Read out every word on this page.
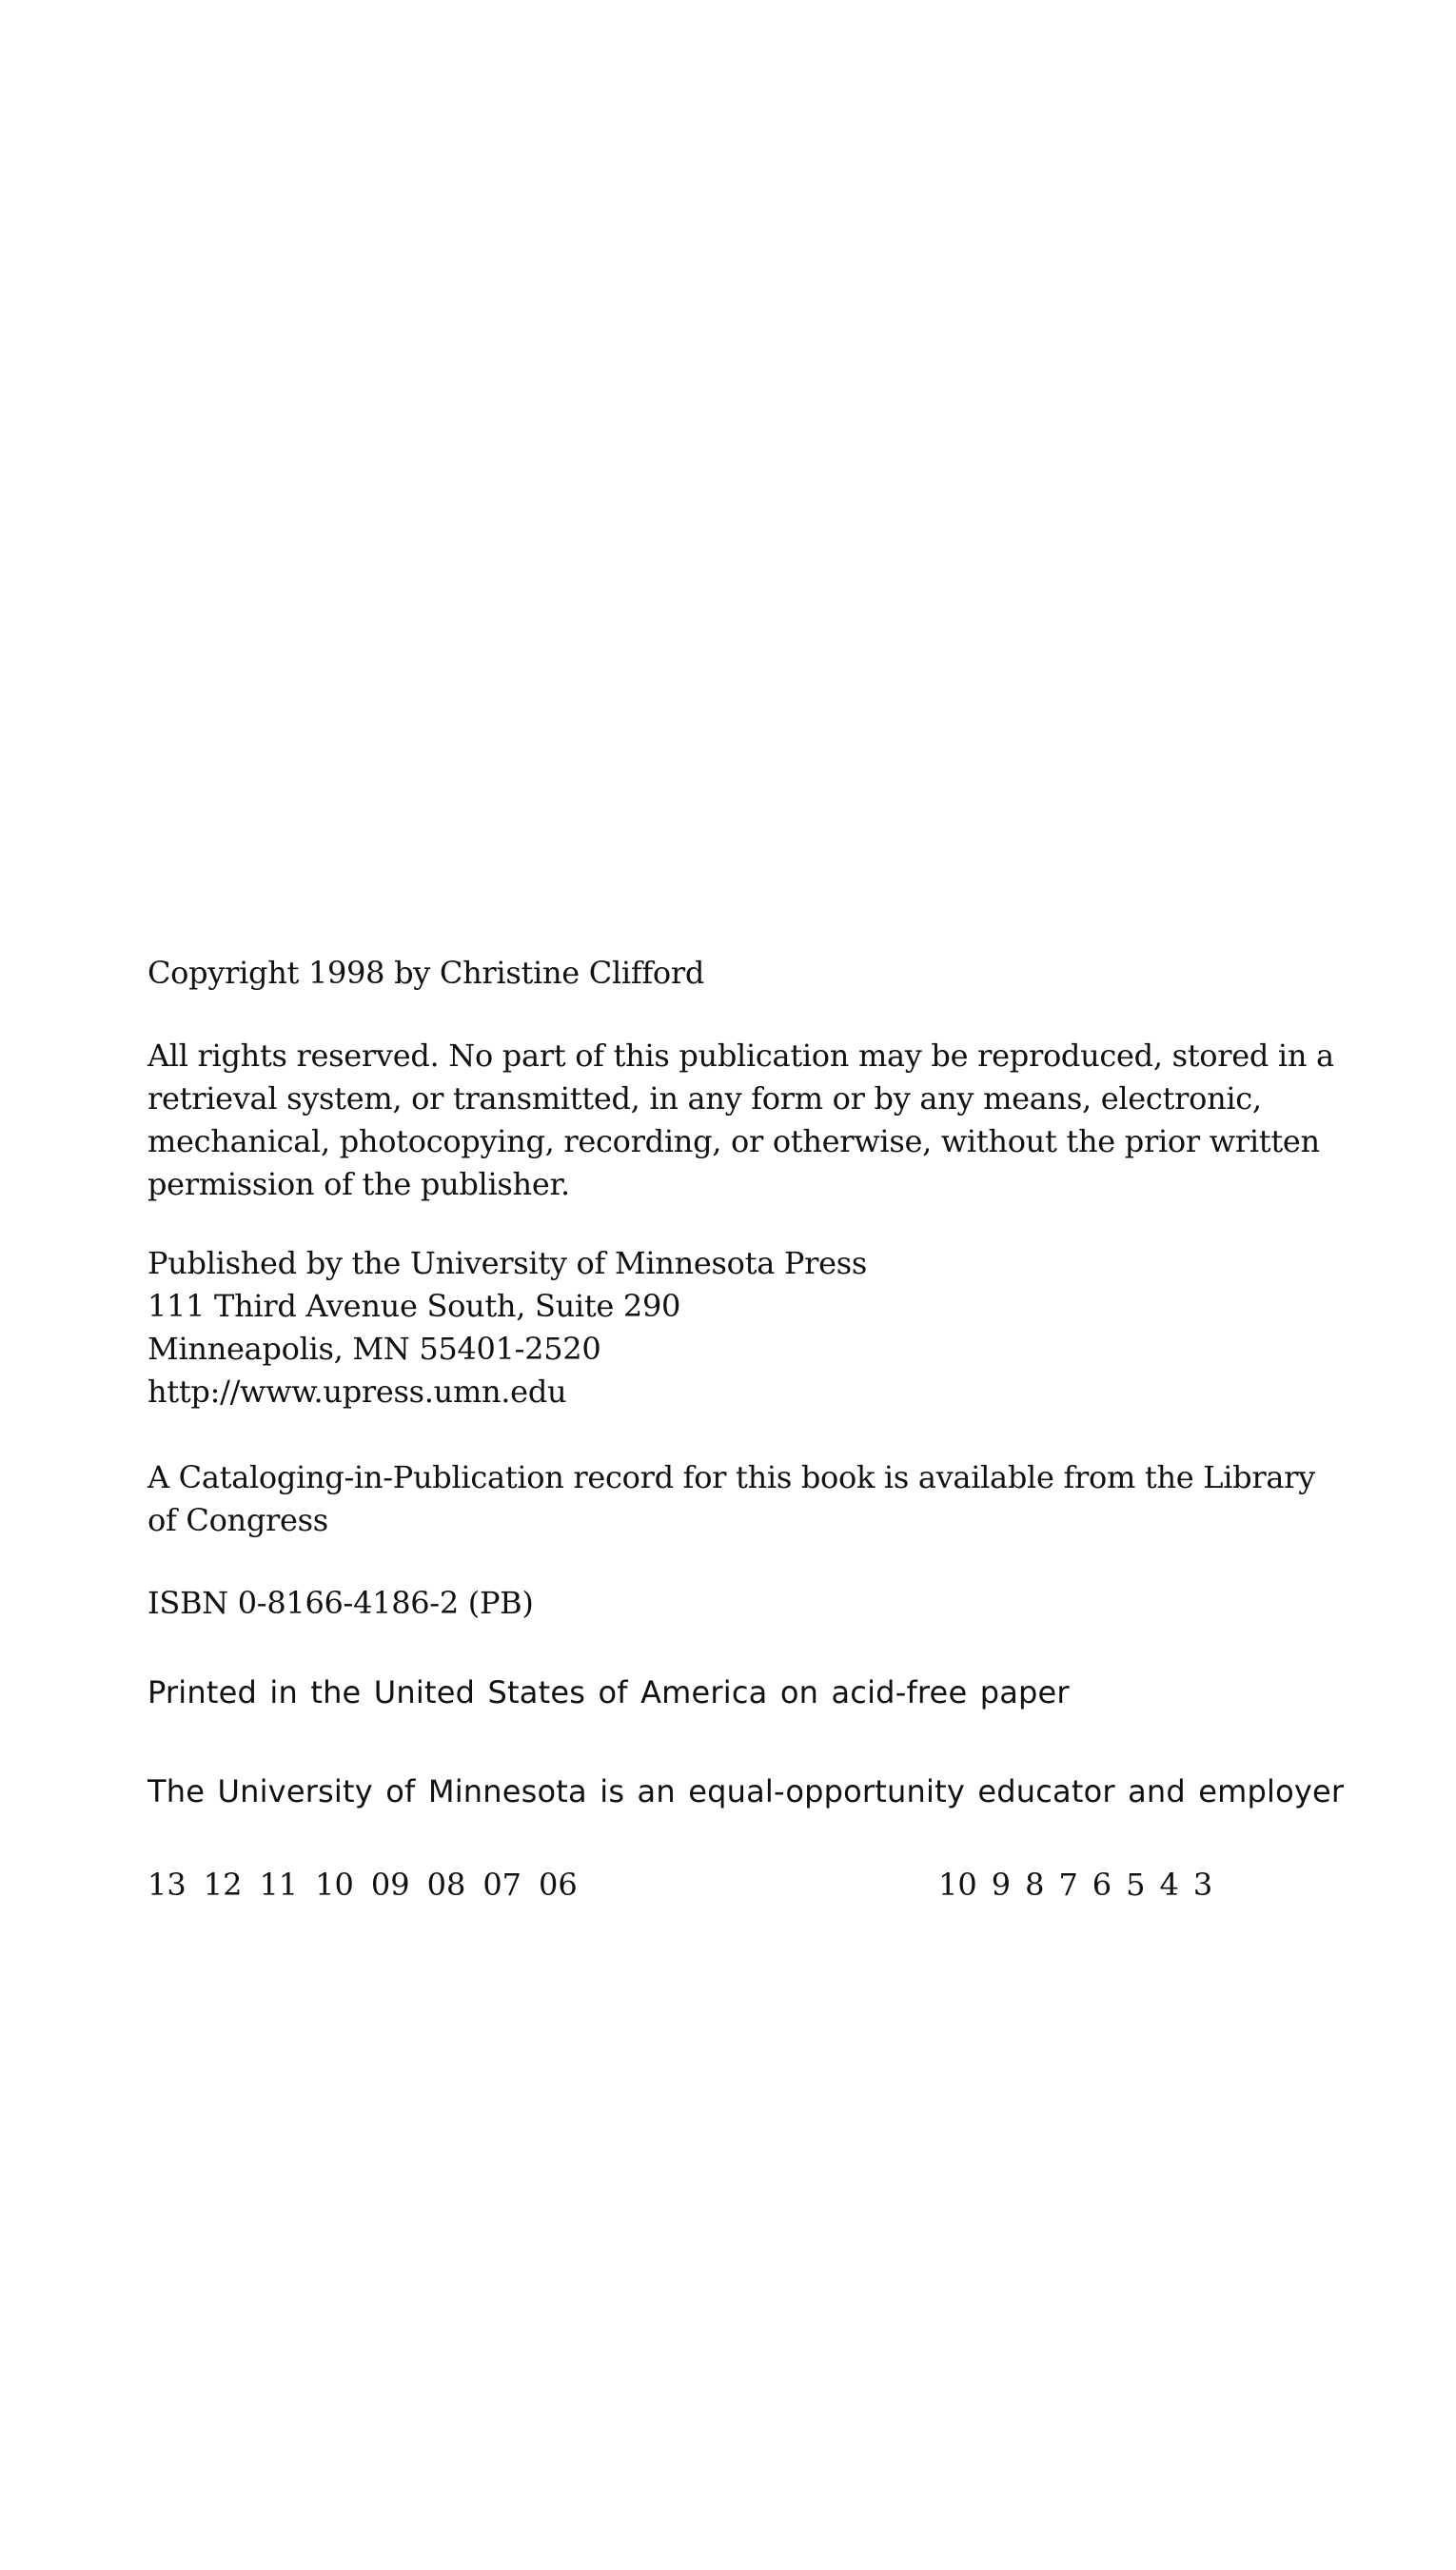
Copyright 1998 by Christine Clifford
All rights reserved. No part of this publication may be reproduced, stored in a
retrieval system, or transmitted, in any form or by any means, electronic,
mechanical, photocopying, recording, or otherwise, without the prior written
permission of the publisher.
Published by the University of Minnesota Press
111 Third Avenue South, Suite 290
Minneapolis, MN 55401-2520
http://www.upress.umn.edu
A Cataloging-in-Publication record for this book is available from the Library
of Congress
ISBN 0-8166-4186-2 (PB)
Printed in the United States of America on acid-free paper
The University of Minnesota is an equal-opportunity educator and employer
13 12 11 10 09 08 07 06	10 9 8 7 6 5 4 3
